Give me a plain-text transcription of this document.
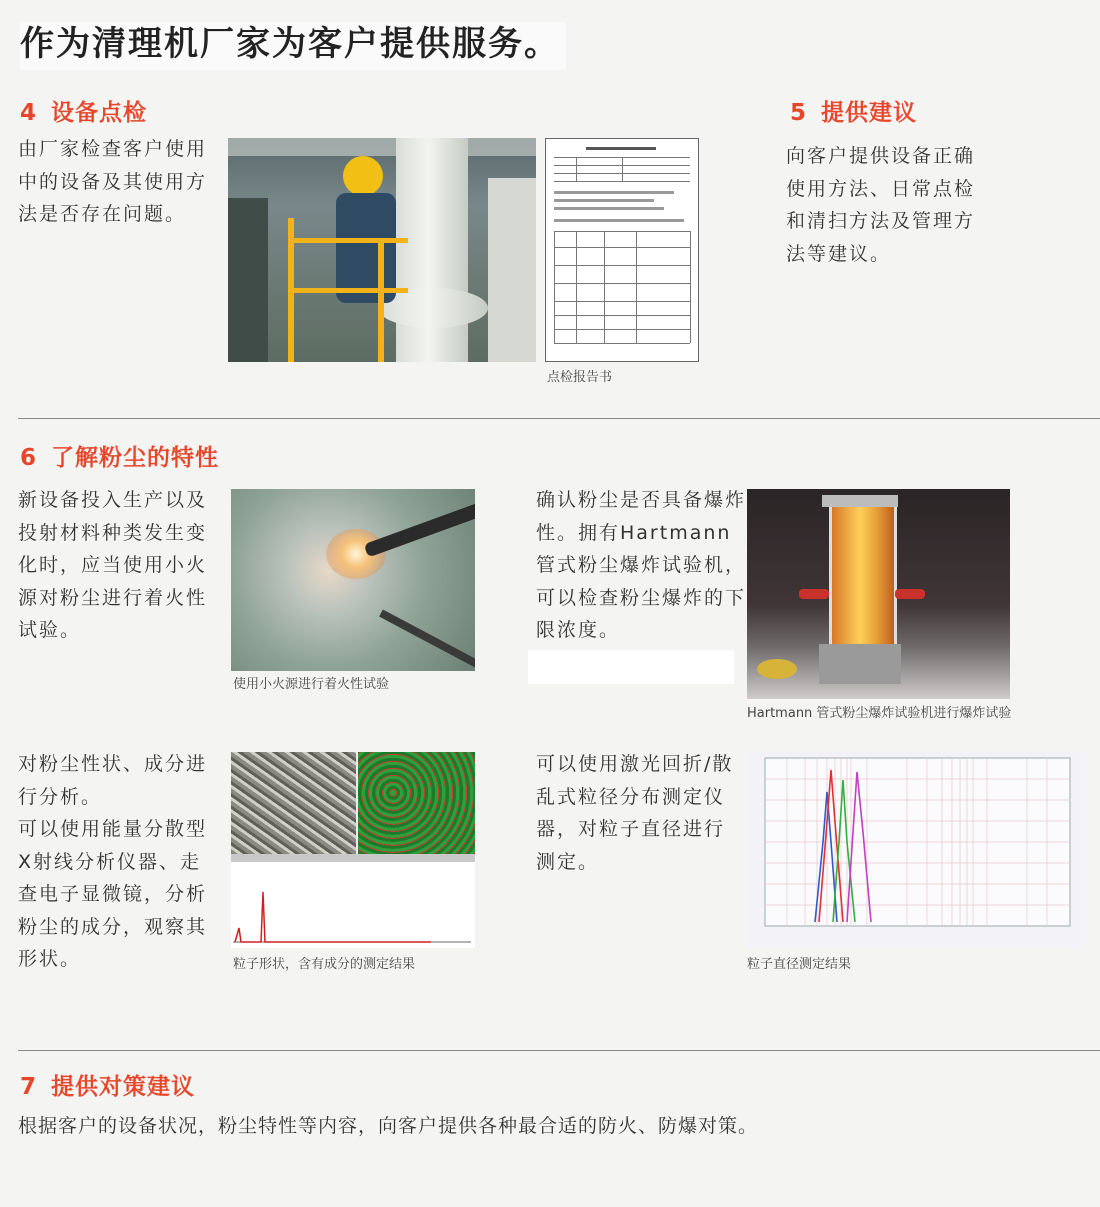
作为清理机厂家为客户提供服务。
4 设备点检
由厂家检查客户使用
中的设备及其使用方
法是否存在问题。
点检报告书
5 提供建议
向客户提供设备正确
使用方法、日常点检
和清扫方法及管理方
法等建议。
6 了解粉尘的特性
新设备投入生产以及
投射材料种类发生变
化时，应当使用小火
源对粉尘进行着火性
试验。
使用小火源进行着火性试验
确认粉尘是否具备爆炸
性。拥有Hartmann
管式粉尘爆炸试验机，
可以检查粉尘爆炸的下
限浓度。
Hartmann 管式粉尘爆炸试验机进行爆炸试验
对粉尘性状、成分进
行分析。
可以使用能量分散型
X射线分析仪器、走
查电子显微镜，分析
粉尘的成分，观察其
形状。	粒子形状，含有成分的测定结果
可以使用激光回折/散
乱式粒径分布测定仪
器，对粒子直径进行
测定。
粒子直径测定结果
7 提供对策建议
根据客户的设备状况，粉尘特性等内容，向客户提供各种最合适的防火、防爆对策。
